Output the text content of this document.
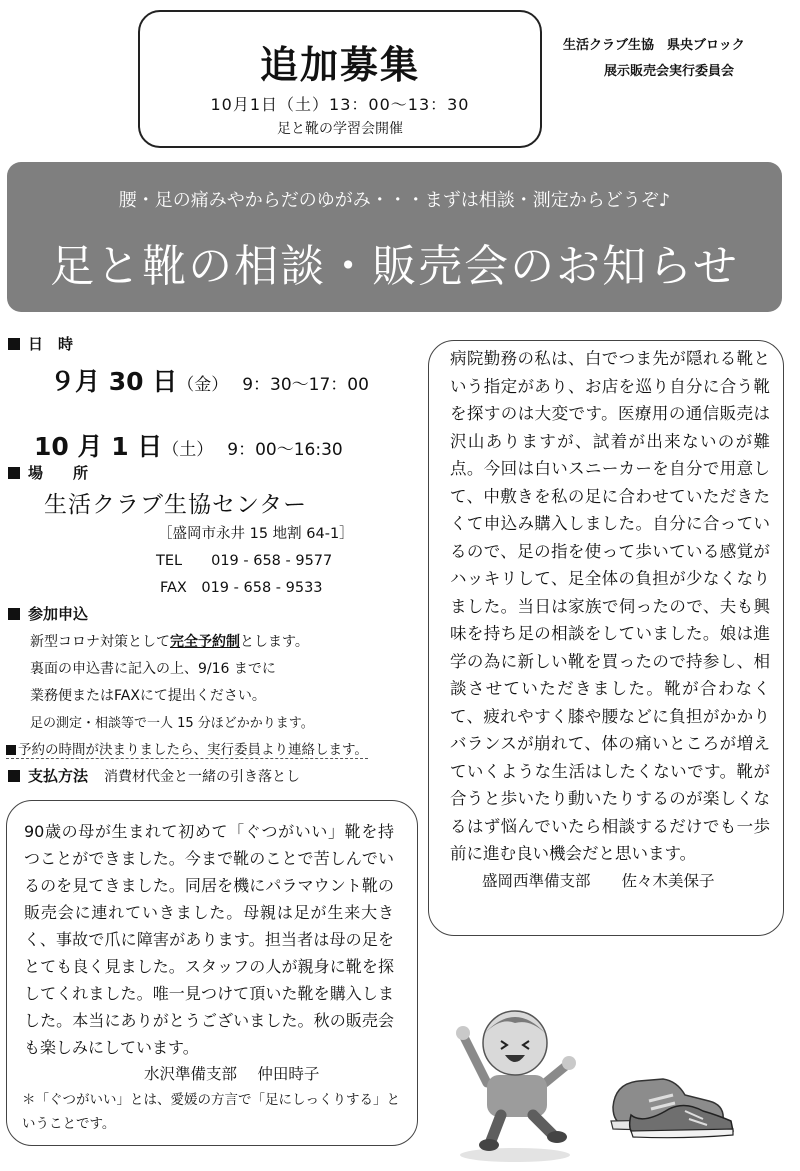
追加募集
10月1日（土）13：00～13：30
足と靴の学習会開催
生活クラブ生協　県央ブロック
展示販売会実行委員会
腰・足の痛みやからだのゆがみ・・・まずは相談・測定からどうぞ♪
足と靴の相談・販売会のお知らせ
日　時
９月 30 日（金） 9：30～17：00
10 月 1 日（土） 9：00～16:30
場　　所
生活クラブ生協センター
［盛岡市永井 15 地割 64-1］
TEL　　019 - 658 - 9577
FAX　019 - 658 - 9533
参加申込
新型コロナ対策として完全予約制とします。
裏面の申込書に記入の上、9/16 までに
業務便またはFAXにて提出ください。
足の測定・相談等で一人 15 分ほどかかります。
予約の時間が決まりましたら、実行委員より連絡します。
支払方法 消費材代金と一緒の引き落とし
病院勤務の私は、白でつま先が隠れる靴という指定があり、お店を巡り自分に合う靴を探すのは大変です。医療用の通信販売は沢山ありますが、試着が出来ないのが難点。今回は白いスニーカーを自分で用意して、中敷きを私の足に合わせていただきたくて申込み購入しました。自分に合っているので、足の指を使って歩いている感覚がハッキリして、足全体の負担が少なくなりました。当日は家族で伺ったので、夫も興味を持ち足の相談をしていました。娘は進学の為に新しい靴を買ったので持参し、相談させていただきました。靴が合わなくて、疲れやすく膝や腰などに負担がかかりバランスが崩れて、体の痛いところが増えていくような生活はしたくないです。靴が合うと歩いたり動いたりするのが楽しくなるはず悩んでいたら相談するだけでも一歩前に進む良い機会だと思います。
盛岡西準備支部　　佐々木美保子
90歳の母が生まれて初めて「ぐつがいい」靴を持つことができました。今まで靴のことで苦しんでいるのを見てきました。同居を機にパラマウント靴の販売会に連れていきました。母親は足が生来大きく、事故で爪に障害があります。担当者は母の足をとても良く見ました。スタッフの人が親身に靴を探してくれました。唯一見つけて頂いた靴を購入しました。本当にありがとうございました。秋の販売会も楽しみにしています。
水沢準備支部　 仲田時子
＊「ぐつがいい」とは、愛媛の方言で「足にしっくりする」ということです。
